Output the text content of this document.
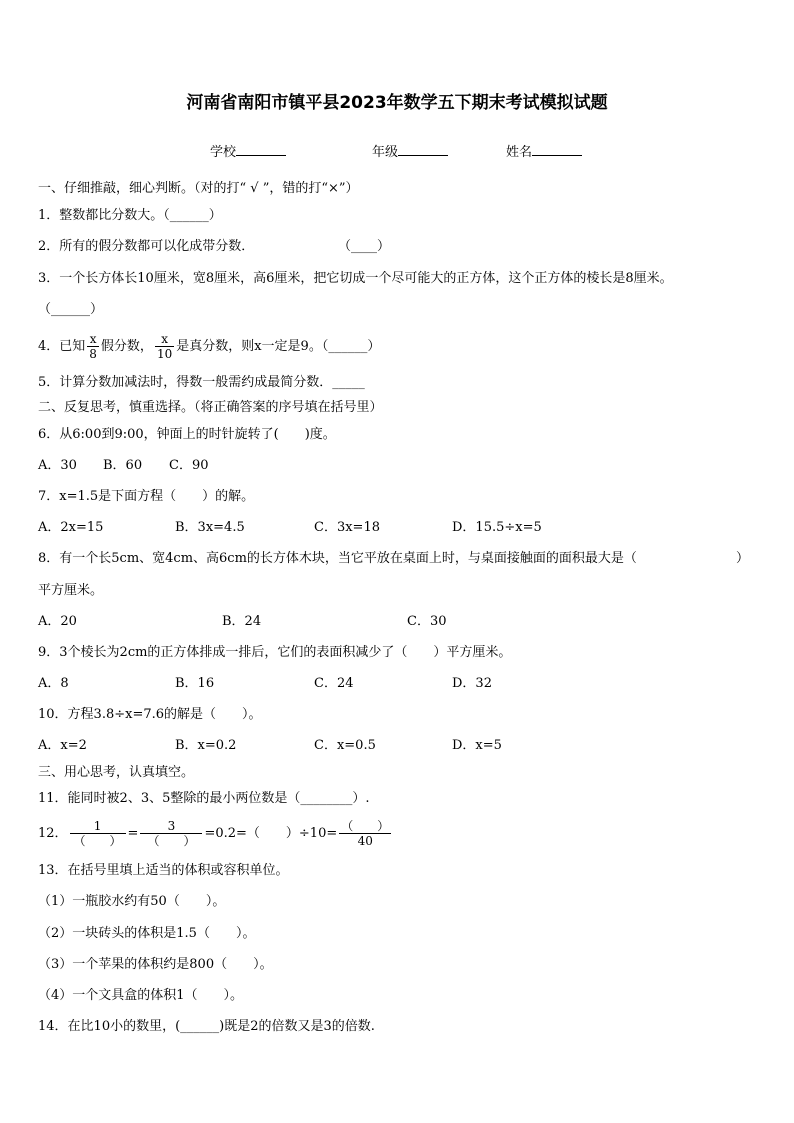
河南省南阳市镇平县2023年数学五下期末考试模拟试题
学校	年级	姓名
一、仔细推敲，细心判断。（对的打“ √ ”，错的打“×”）
1．整数都比分数大。（______）
2．所有的假分数都可以化成带分数．	（____）
3．一个长方体长10厘米，宽8厘米，高6厘米，把它切成一个尽可能大的正方体，这个正方体的棱长是8厘米。
（______）
4．已知 $\frac{x}{8}$ 假分数， $\frac{x}{10}$ 是真分数，则x一定是9。（______）
5．计算分数加减法时，得数一般需约成最简分数．_____
二、反复思考，慎重选择。（将正确答案的序号填在括号里）
6．从6:00到9:00，钟面上的时针旋转了(　　)度。
A．30 B．60 C．90
7．x=1.5是下面方程（　　）的解。
A．2x=15	B．3x=4.5	C．3x=18	D．15.5÷x=5
8．有一个长5cm、宽4cm、高6cm的长方体木块，当它平放在桌面上时，与桌面接触面的面积最大是（	）
平方厘米。
A．20	B．24	C．30
9．3个棱长为2cm的正方体排成一排后，它们的表面积减少了（　　）平方厘米。
A．8	B．16	C．24	D．32
10．方程3.8÷x=7.6的解是（　　）。
A．x=2	B．x=0.2	C．x=0.5	D．x=5
三、用心思考，认真填空。
11．能同时被2、3、5整除的最小两位数是（________）.
12． $\frac{1}{( )} = \frac{3}{( )} =0.2=$（　　）$\div 10= \frac{( )}{40}$
13．在括号里填上适当的体积或容积单位。
（1）一瓶胶水约有50（　　）。
（2）一块砖头的体积是1.5（　　）。
（3）一个苹果的体积约是800（　　）。
（4）一个文具盒的体积1（　　）。
14．在比10小的数里，(______)既是2的倍数又是3的倍数.
